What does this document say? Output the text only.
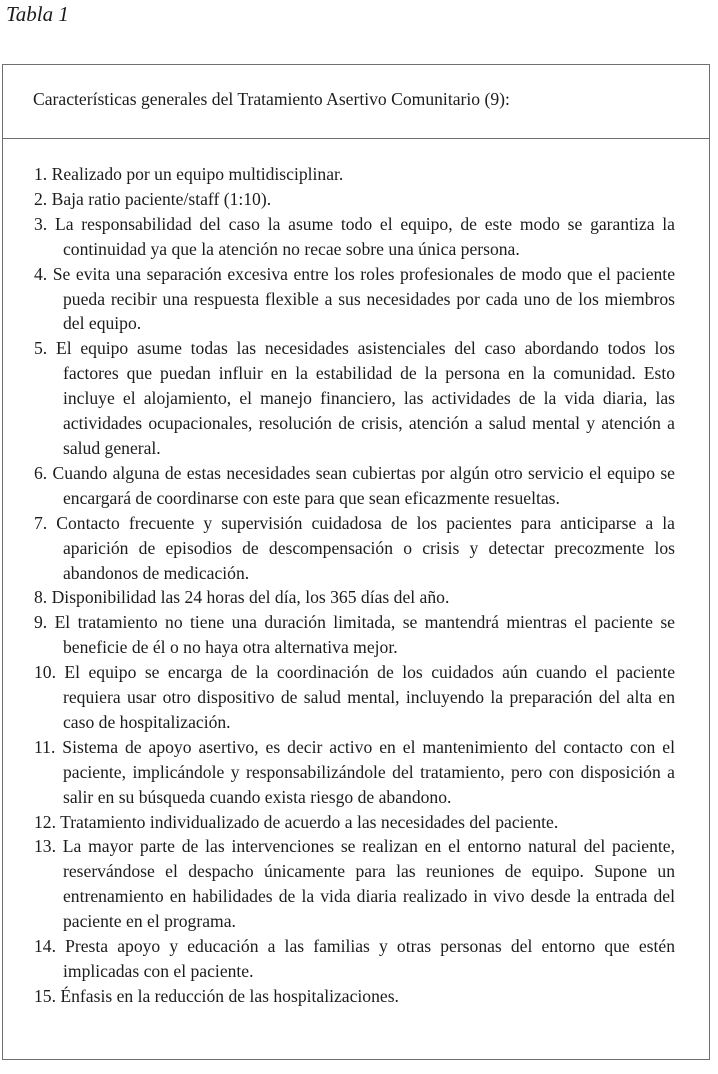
Tabla 1
Características generales del Tratamiento Asertivo Comunitario (9):
1. Realizado por un equipo multidisciplinar.
2. Baja ratio paciente/staff (1:10).
3. La responsabilidad del caso la asume todo el equipo, de este modo se garantiza la continuidad ya que la atención no recae sobre una única persona.
4. Se evita una separación excesiva entre los roles profesionales de modo que el paciente pueda recibir una respuesta flexible a sus necesidades por cada uno de los miembros del equipo.
5. El equipo asume todas las necesidades asistenciales del caso abordando todos los factores que puedan influir en la estabilidad de la persona en la comunidad. Esto incluye el alojamiento, el manejo financiero, las actividades de la vida diaria, las actividades ocupacionales, resolución de crisis, atención a salud mental y atención a salud general.
6. Cuando alguna de estas necesidades sean cubiertas por algún otro servicio el equipo se encargará de coordinarse con este para que sean eficazmente resueltas.
7. Contacto frecuente y supervisión cuidadosa de los pacientes para anticiparse a la aparición de episodios de descompensación o crisis y detectar precozmente los abandonos de medicación.
8. Disponibilidad las 24 horas del día, los 365 días del año.
9. El tratamiento no tiene una duración limitada, se mantendrá mientras el paciente se beneficie de él o no haya otra alternativa mejor.
10. El equipo se encarga de la coordinación de los cuidados aún cuando el paciente requiera usar otro dispositivo de salud mental, incluyendo la preparación del alta en caso de hospitalización.
11. Sistema de apoyo asertivo, es decir activo en el mantenimiento del contacto con el paciente, implicándole y responsabilizándole del tratamiento, pero con disposición a salir en su búsqueda cuando exista riesgo de abandono.
12. Tratamiento individualizado de acuerdo a las necesidades del paciente.
13. La mayor parte de las intervenciones se realizan en el entorno natural del paciente, reservándose el despacho únicamente para las reuniones de equipo. Supone un entrenamiento en habilidades de la vida diaria realizado in vivo desde la entrada del paciente en el programa.
14. Presta apoyo y educación a las familias y otras personas del entorno que estén implicadas con el paciente.
15. Énfasis en la reducción de las hospitalizaciones.
